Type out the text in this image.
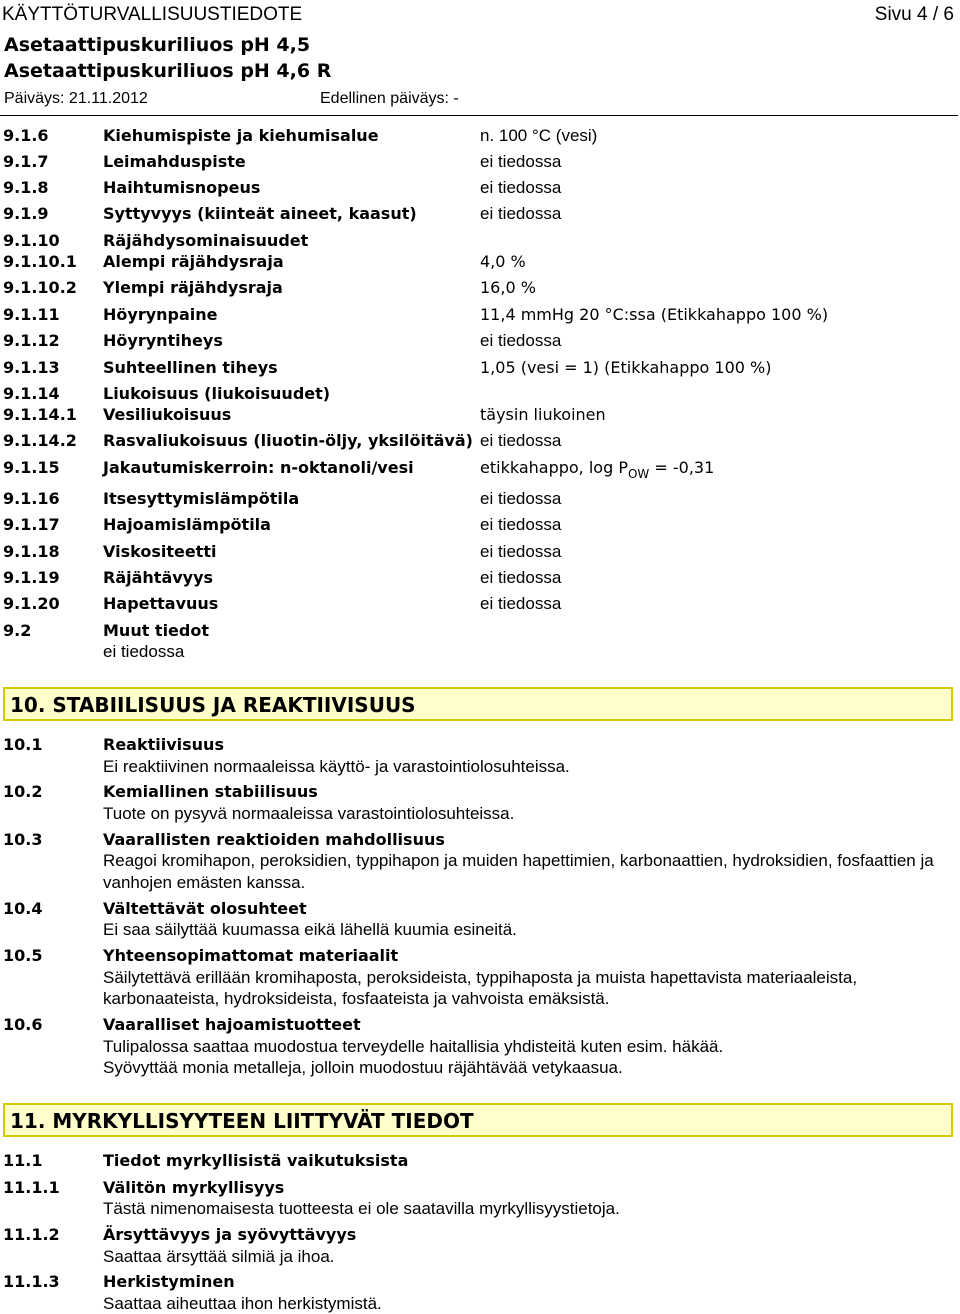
KÄYTTÖTURVALLISUUSTIEDOTE	Sivu 4 / 6
Asetaattipuskuriliuos pH 4,5
Asetaattipuskuriliuos pH 4,6 R
Päiväys: 21.11.2012	Edellinen päiväys: -
9.1.6	Kiehumispiste ja kiehumisalue	n. 100 °C (vesi)
9.1.7	Leimahduspiste	ei tiedossa
9.1.8	Haihtumisnopeus	ei tiedossa
9.1.9	Syttyvyys (kiinteät aineet, kaasut)	ei tiedossa
9.1.10	Räjähdysominaisuudet
9.1.10.1 Alempi räjähdysraja	4,0 %
9.1.10.2 Ylempi räjähdysraja	16,0 %
9.1.11	Höyrynpaine	11,4 mmHg 20 °C:ssa (Etikkahappo 100 %)
9.1.12	Höyryntiheys	ei tiedossa
9.1.13	Suhteellinen tiheys	1,05 (vesi = 1) (Etikkahappo 100 %)
9.1.14	Liukoisuus (liukoisuudet)
9.1.14.1 Vesiliukoisuus	täysin liukoinen
9.1.14.2 Rasvaliukoisuus (liuotin-öljy, yksilöitävä) ei tiedossa
9.1.15	Jakautumiskerroin: n-oktanoli/vesi	etikkahappo, $\log P_{OW} = -0,31$
9.1.16	Itsesyttymislämpötila	ei tiedossa
9.1.17	Hajoamislämpötila	ei tiedossa
9.1.18	Viskositeetti	ei tiedossa
9.1.19	Räjähtävyys	ei tiedossa
9.1.20	Hapettavuus	ei tiedossa
9.2	Muut tiedot
ei tiedossa
10. STABIILISUUS JA REAKTIIVISUUS
10.1	Reaktiivisuus
Ei reaktiivinen normaaleissa käyttö- ja varastointiolosuhteissa.
10.2	Kemiallinen stabiilisuus
Tuote on pysyvä normaaleissa varastointiolosuhteissa.
10.3	Vaarallisten reaktioiden mahdollisuus
Reagoi kromihapon, peroksidien, typpihapon ja muiden hapettimien, karbonaattien, hydroksidien, fosfaattien ja
vanhojen emästen kanssa.
10.4	Vältettävät olosuhteet
Ei saa säilyttää kuumassa eikä lähellä kuumia esineitä.
10.5	Yhteensopimattomat materiaalit
Säilytettävä erillään kromihaposta, peroksideista, typpihaposta ja muista hapettavista materiaaleista,
karbonaateista, hydroksideista, fosfaateista ja vahvoista emäksistä.
10.6	Vaaralliset hajoamistuotteet
Tulipalossa saattaa muodostua terveydelle haitallisia yhdisteitä kuten esim. häkää.
Syövyttää monia metalleja, jolloin muodostuu räjähtävää vetykaasua.
11. MYRKYLLISYYTEEN LIITTYVÄT TIEDOT
11.1	Tiedot myrkyllisistä vaikutuksista
11.1.1	Välitön myrkyllisyys
Tästä nimenomaisesta tuotteesta ei ole saatavilla myrkyllisyystietoja.
11.1.2	Ärsyttävyys ja syövyttävyys
Saattaa ärsyttää silmiä ja ihoa.
11.1.3	Herkistyminen
Saattaa aiheuttaa ihon herkistymistä.
